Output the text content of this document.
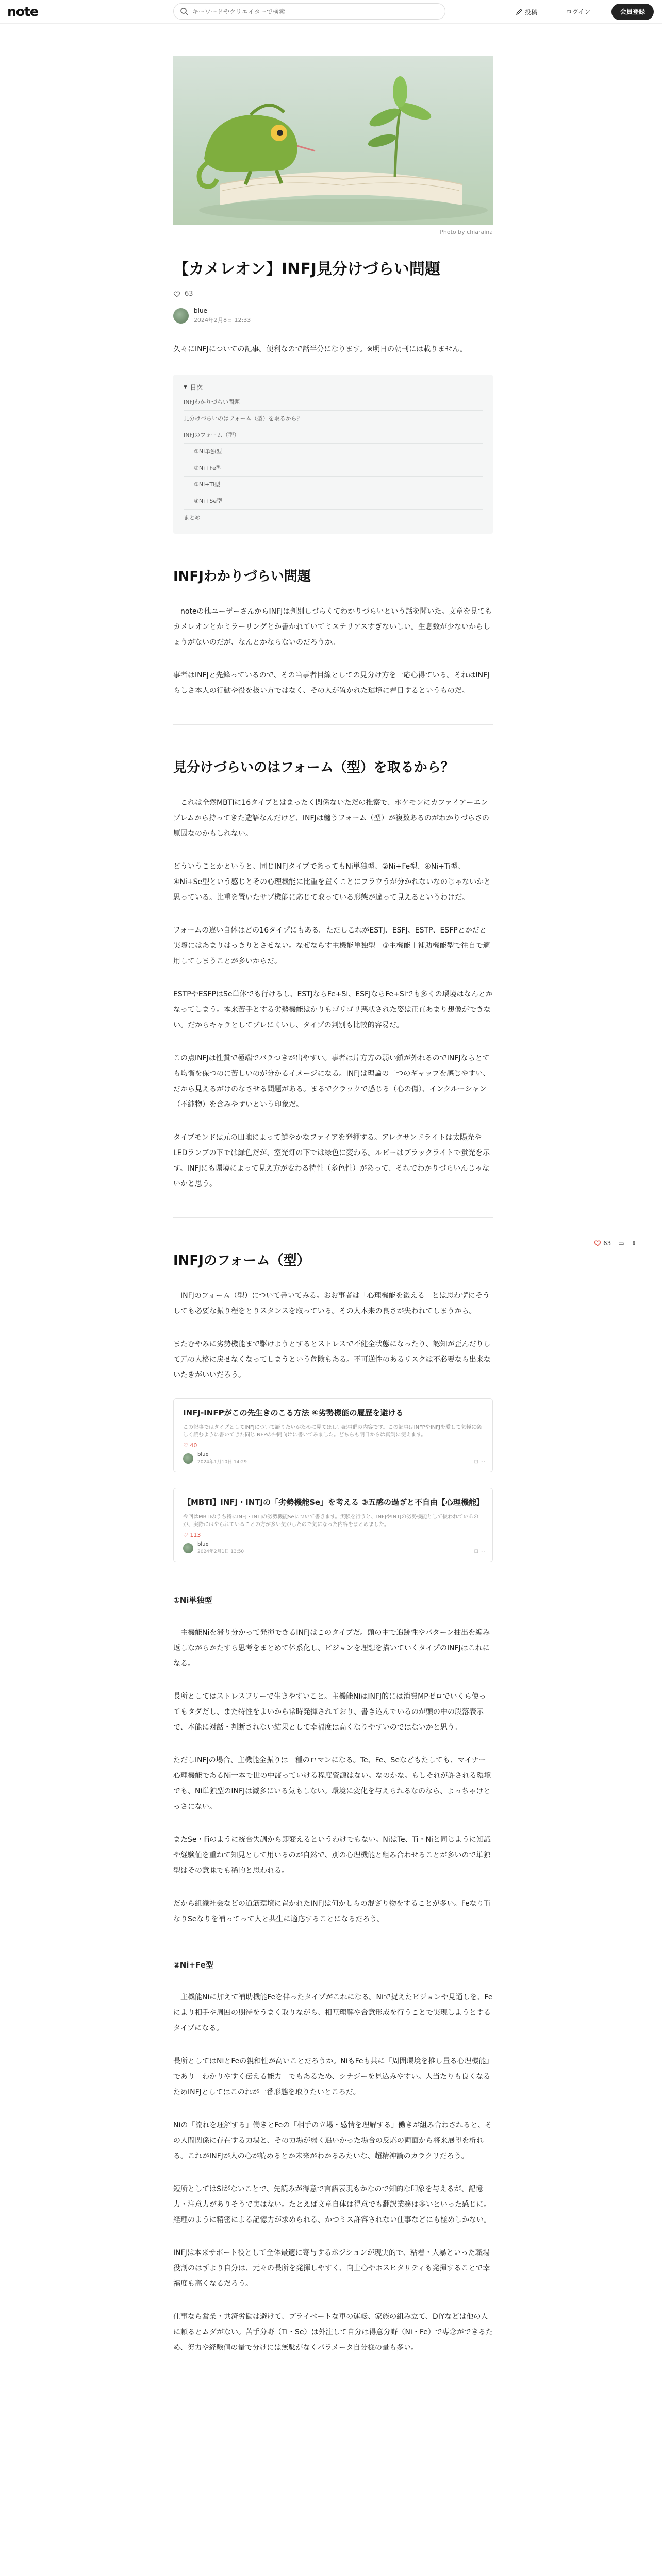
note
キーワードやクリエイターで検索	投稿	ログイン	会員登録
Photo by chiaraina
【カメレオン】INFJ見分けづらい問題
63
blue
2024年2月8日 12:33

久々にINFJについての記事。便利なので話半分になります。※明日の朝刊には載りません。

▼ 目次
INFJわかりづらい問題
見分けづらいのはフォーム（型）を取るから？
INFJのフォーム（型）
①Ni単独型
②Ni+Fe型
③Ni+Ti型
④Ni+Se型
まとめ
INFJわかりづらい問題

　noteの他ユーザーさんからINFJは判別しづらくてわかりづらいという話を聞いた。文章を見てもカメレオンとかミラーリングとか書かれていてミステリアスすぎないしい。生息数が少ないからしょうがないのだが、なんとかならないのだろうか。

事者はINFJと先鋒っているので、その当事者目線としての見分け方を一応心得ている。それはINFJらしさ本人の行動や役を扱い方ではなく、その人が置かれた環境に着目するというものだ。

見分けづらいのはフォーム（型）を取るから？

　これは全然MBTIに16タイプとはまったく関係ないただの推察で、ポケモンにカファイアーエンブレムから持ってきた造語なんだけど、INFJは纏うフォーム（型）が複数あるのがわかりづらさの原因なのかもしれない。

どういうことかというと、同じINFJタイプであってもNi単独型、②Ni+Fe型、④Ni+Ti型、④Ni+Se型という感じとその心理機能に比重を置くことにプラウうが分かれないなのじゃないかと思っている。比重を置いたサブ機能に応じて取っている形態が違って見えるというわけだ。

フォームの違い自体はどの16タイプにもある。ただしこれがESTJ、ESFJ、ESTP、ESFPとかだと実際にはあまりはっきりとさせない。なぜならす主機能単独型　③主機能＋補助機能型で往自で適用してしまうことが多いからだ。

ESTPやESFPはSe単体でも行けるし、ESTJならFe+Si、ESFJならFe+Siでも多くの環境はなんとかなってしまう。本来苦手とする劣勢機能はかりもゴリゴリ悪状された姿は正直あまり想像ができない。だからキャラとしてブレにくいし、タイプの判別も比較的容易だ。

この点INFJは性質で極端でバラつきが出やすい。事者は片方方の弱い鎖が外れるのでINFJならとても均衡を保つのに苦しいのが分かるイメージになる。INFJは理論の二つのギャップを感じやすい、だから見えるがけのなさせる問題がある。まるでクラックで感じる（心の傷）、インクルーシャン（不純物）を含みやすいという印象だ。

タイプモンドは元の田地によって鮮やかなファイアを発揮する。アレクサンドライトは太陽光やLEDランプの下では緑色だが、室光灯の下では緑色に変わる。ルビーはブラックライトで蛍光を示す。INFJにも環境によって見え方が変わる特性（多色性）があって、それでわかりづらいんじゃないかと思う。

INFJのフォーム（型）

　INFJのフォーム（型）について書いてみる。おお事者は「心理機能を鍛える」とは思わずにそうしても必要な振り程をとりスタンスを取っている。その人本来の良さが失われてしまうから。

またむやみに劣勢機能まで駆けようとするとストレスで不健全状態になったり、認知が歪んだりして元の人格に戻せなくなってしまうという危険もある。不可逆性のあるリスクは不必要なら出来ないたきがいいだろう。

INFJ-INFPがこの先生きのこる方法 ④劣勢機能の履歴を避ける
この記事ではタイプとしてINFJについて語りたいがために見てほしい記事群の内容です。この記事はINFPやINFJを愛して気軽に楽しく読むように書いてきた同じINFPの仲間向けに書いてみました。どちらも明日からは真剣に使えます。
♡ 40
blue
2024年1月10日 14:29	⊡ ⋯
【MBTI】INFJ・INTJの「劣勢機能Se」を考える ③五感の過ぎと不自由【心理機能】
今回はMBTIのうち特にINFJ・INTJの劣勢機能Seについて書きます。実験を行うと、INFJやINTJの劣勢機能として扱われているのが、実際にはやられていることの方が多い気がしたので気になった内容をまとめました。
♡ 113
blue
2024年2月1日 13:50	⊡ ⋯
①Ni単独型

　主機能Niを滞り分かって発揮できるINFJはこのタイプだ。頭の中で追跡性やパターン抽出を編み返しながらかたすら思考をまとめて体系化し、ビジョンを理想を描いていくタイプのINFJはこれになる。

長所としてはストレスフリーで生きやすいこと。主機能NiはINFJ的には消費MPゼロでいくら使ってもタダだし、また特性をよいから常時発揮されており、書き込んでいるのが頭の中の段落表示で、本能に対話・判断されない結果として幸福度は高くなりやすいのではないかと思う。

ただしINFJの場合、主機能全振りは一種のロマンになる。Te、Fe、Seなどもたしても、マイナー心理機能であるNi一本で世の中渡っていける程度資源はない。なのかな。もしそれが許される環境でも、Ni単独型のINFJは滅多にいる気もしない。環境に変化を与えられるなのなら、よっちゃけとっさにない。

またSe・Fiのように統合失調から即変えるというわけでもない。NiはTe、Ti・Niと同じように知識や経験値を重ねて知見として用いるのが自然で、別の心理機能と組み合わせることが多いので単独型はその意味でも稀的と思われる。

だから組織社会などの道筋環境に置かれたINFJは何かしらの混ざり物をすることが多い。FeなりTiなりSeなりを補ってって人と共生に適応することになるだろう。

②Ni+Fe型

　主機能Niに加えて補助機能Feを伴ったタイプがこれになる。Niで捉えたビジョンや見通しを、Feにより相手や周囲の期待をうまく取りながら、相互理解や合意形成を行うことで実現しようとするタイプになる。

長所としてはNiとFeの親和性が高いことだろうか。NiもFeも共に「周囲環境を推し量る心理機能」であり「わかりやすく伝える能力」でもあるため、シナジーを見込みやすい。人当たりも良くなるためINFJとしてはこのれが一番形態を取りたいところだ。

Niの「流れを理解する」働きとFeの「相手の立場・感情を理解する」働きが組み合わされると、その人間関係に存在する力場と、その力場が弱く追いかった場合の反応の両面から将来展望を析れる。これがINFJが人の心が読めるとか未来がわかるみたいな、超精神論のカラクリだろう。

短所としてはSiがないことで、先読みが得意で言語表現もかなので知的な印象を与えるが、記憶力・注意力がありそうで実はない。たとえば文章自体は得意でも翻訳業務は多いといった感じに。経理のように精密による記憶力が求められる、かつミス許容されない仕事などにも極めしかない。

INFJは本来サポート役として全体最適に寄与するポジションが現実的で、粘着・人暴といった職場役割のはずより自分は、元々の長所を発揮しやすく、向上心やホスピタリティも発揮することで幸福度も高くなるだろう。

仕事なら営業・共済労働は避けて、プライベートな車の運転、家族の組み立て、DIYなどは他の人に頼るとムダがない。苦手分野（Ti・Se）は外注して自分は得意分野（Ni・Fe）で専念ができるため、努力や経験値の量で分けには無駄がなくパラメータ自分様の量も多い。

63 ▭ ⇪
